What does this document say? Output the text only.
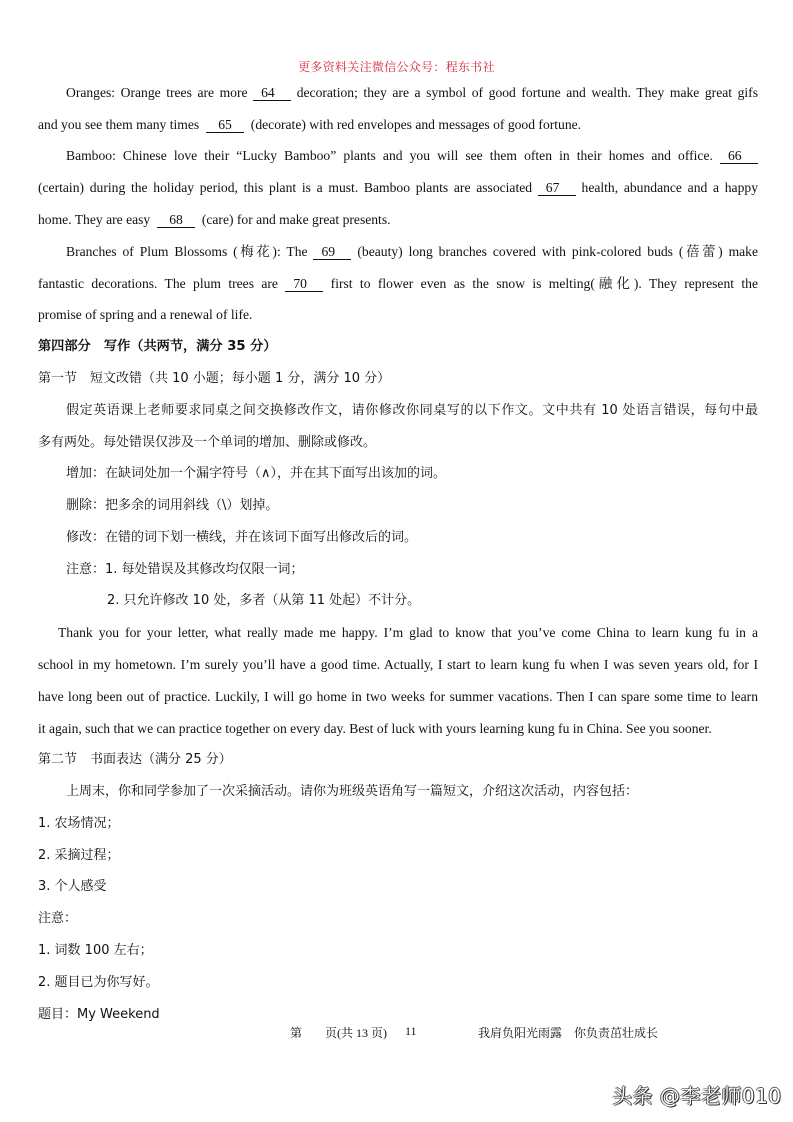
更多资料关注微信公众号：程东书社
Oranges: Orange trees are more 64 decoration; they are a symbol of good fortune and wealth. They make great gifs
and you see them many times 65 (decorate) with red envelopes and messages of good fortune.
Bamboo: Chinese love their “Lucky Bamboo” plants and you will see them often in their homes and office. 66
(certain) during the holiday period, this plant is a must. Bamboo plants are associated 67 health, abundance and a happy
home. They are easy 68 (care) for and make great presents.
Branches of Plum Blossoms (梅花): The 69 (beauty) long branches covered with pink-colored buds (蓓蕾) make
fantastic decorations. The plum trees are 70 first to flower even as the snow is melting(融化). They represent the
promise of spring and a renewal of life.
第四部分　写作（共两节，满分 35 分）
第一节　短文改错（共 10 小题；每小题 1 分，满分 10 分）
假定英语课上老师要求同桌之间交换修改作文，请你修改你同桌写的以下作文。文中共有 10 处语言错误，每句中最
多有两处。每处错误仅涉及一个单词的增加、删除或修改。
增加：在缺词处加一个漏字符号（∧），并在其下面写出该加的词。
删除：把多余的词用斜线（\）划掉。
修改：在错的词下划一横线，并在该词下面写出修改后的词。
注意：1. 每处错误及其修改均仅限一词；
2. 只允许修改 10 处，多者（从第 11 处起）不计分。
Thank you for your letter, what really made me happy. I’m glad to know that you’ve come China to learn kung fu in a
school in my hometown. I’m surely you’ll have a good time. Actually, I start to learn kung fu when I was seven years old, for I
have long been out of practice. Luckily, I will go home in two weeks for summer vacations. Then I can spare some time to learn
it again, such that we can practice together on every day. Best of luck with yours learning kung fu in China. See you sooner.
第二节　书面表达（满分 25 分）
上周末，你和同学参加了一次采摘活动。请你为班级英语角写一篇短文，介绍这次活动，内容包括：
1. 农场情况；
2. 采摘过程；
3. 个人感受
注意：
1. 词数 100 左右；
2. 题目已为你写好。
题目：My Weekend
第 页(共 13 页) 11	我肩负阳光雨露　你负责茁壮成长
头条 @李老师010
